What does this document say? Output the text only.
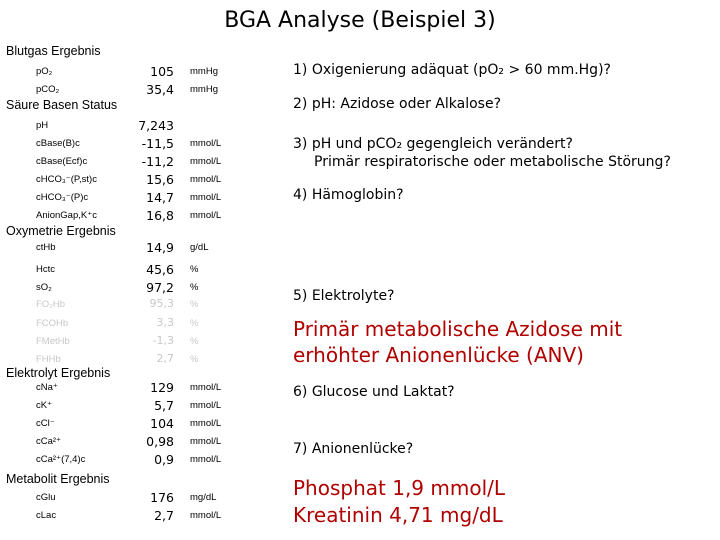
BGA Analyse (Beispiel 3)
Blutgas Ergebnis
pO₂	105 mmHg
pCO₂	35,4 mmHg
Säure Basen Status
pH	7,243
cBase(B)c	-11,5 mmol/L
cBase(Ecf)c	-11,2 mmol/L
cHCO₃⁻(P,st)c	15,6 mmol/L
cHCO₃⁻(P)c	14,7 mmol/L
AnionGap,K⁺c	16,8 mmol/L
Oxymetrie Ergebnis
ctHb	14,9 g/dL
Hctc	45,6 %
sO₂	97,2 %
FO₂Hb	95,3 %
FCOHb	3,3 %
FMetHb	-1,3 %
FHHb	2,7 %
Elektrolyt Ergebnis
cNa⁺	129 mmol/L
cK⁺	5,7 mmol/L
cCl⁻	104 mmol/L
cCa²⁺	0,98 mmol/L
cCa²⁺(7,4)c	0,9 mmol/L
Metabolit Ergebnis
cGlu	176 mg/dL
cLac	2,7 mmol/L
1) Oxigenierung adäquat (pO₂ > 60 mm.Hg)?
2) pH: Azidose oder Alkalose?
3) pH und pCO₂ gegengleich verändert?
Primär respiratorische oder metabolische Störung?
4) Hämoglobin?
5) Elektrolyte?
Primär metabolische Azidose mit
erhöhter Anionenlücke (ANV)
6) Glucose und Laktat?
7) Anionenlücke?
Phosphat 1,9 mmol/L
Kreatinin 4,71 mg/dL
